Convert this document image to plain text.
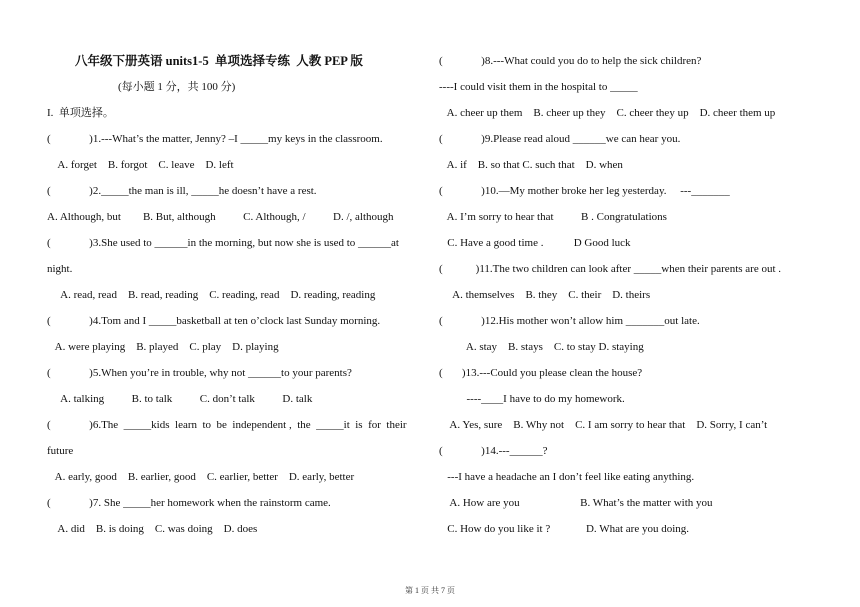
八年级下册英语 units1-5  单项选择专练  人教 PEP 版
(每小题 1 分，共 100 分)
I.  单项选择。
(              )1.---What’s the matter, Jenny? –I _____my keys in the classroom.
A. forget    B. forgot    C. leave    D. left
(              )2._____the man is ill, _____he doesn’t have a rest.
A. Although, but        B. But, although          C. Although, /          D. /, although
(              )3.She used to ______in the morning, but now she is used to ______at
night.
A. read, read    B. read, reading    C. reading, read    D. reading, reading
(              )4.Tom and I _____basketball at ten o’clock last Sunday morning.
A. were playing    B. played    C. play    D. playing
(              )5.When you’re in trouble, why not ______to your parents?
A. talking          B. to talk          C. don’t talk          D. talk
(              )6.The  _____kids  learn  to  be  independent ,  the  _____it  is  for  their
future
A. early, good    B. earlier, good    C. earlier, better    D. early, better
(              )7. She _____her homework when the rainstorm came.
A. did    B. is doing    C. was doing    D. does
(              )8.---What could you do to help the sick children?
----I could visit them in the hospital to _____
A. cheer up them    B. cheer up they    C. cheer they up    D. cheer them up
(              )9.Please read aloud ______we can hear you.
A. if    B. so that C. such that    D. when
(              )10.—My mother broke her leg yesterday.     ---_______
A. I’m sorry to hear that          B . Congratulations
C. Have a good time .           D Good luck
(            )11.The two children can look after _____when their parents are out .
A. themselves    B. they    C. their    D. theirs
(              )12.His mother won’t allow him _______out late.
A. stay    B. stays    C. to stay D. staying
(       )13.---Could you please clean the house?
----____I have to do my homework.
A. Yes, sure    B. Why not    C. I am sorry to hear that    D. Sorry, I can’t
(              )14.---______?
---I have a headache an I don’t feel like eating anything.
A. How are you                      B. What’s the matter with you
C. How do you like it ?             D. What are you doing.
第 1 页 共 7 页
